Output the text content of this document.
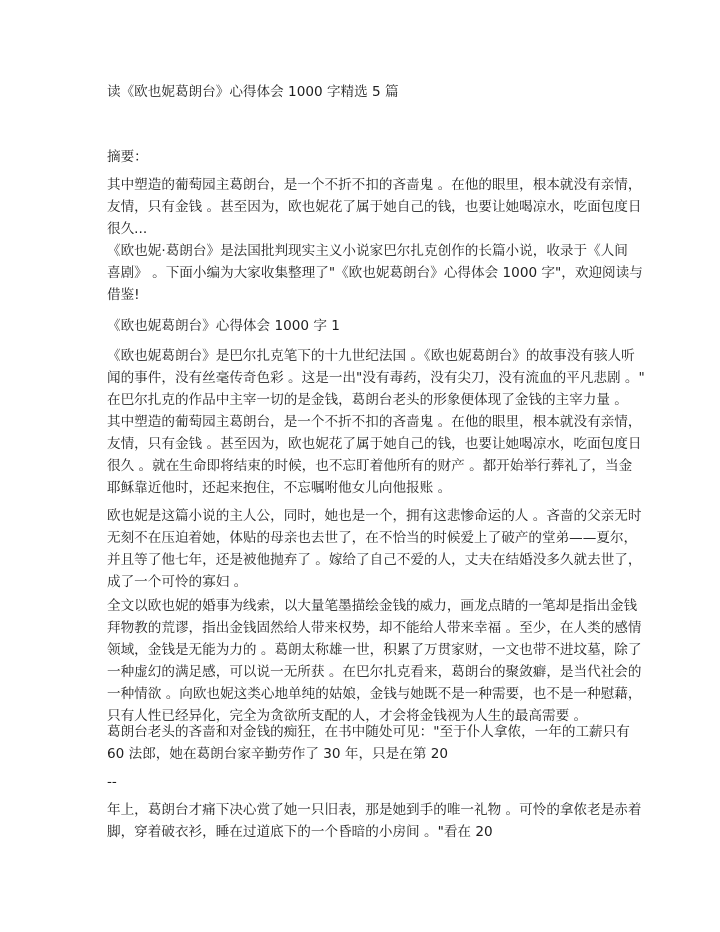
读《欧也妮葛朗台》心得体会 1000 字精选 5 篇
摘要：
其中塑造的葡萄园主葛朗台，是一个不折不扣的吝啬鬼 。在他的眼里，根本就没有亲情，
友情，只有金钱 。甚至因为，欧也妮花了属于她自己的钱，也要让她喝凉水，吃面包度日
很久...
《欧也妮·葛朗台》是法国批判现实主义小说家巴尔扎克创作的长篇小说，收录于《人间
喜剧》 。下面小编为大家收集整理了"《欧也妮葛朗台》心得体会 1000 字"，欢迎阅读与
借鉴!
《欧也妮葛朗台》心得体会 1000 字 1
《欧也妮葛朗台》是巴尔扎克笔下的十九世纪法国 。《欧也妮葛朗台》的故事没有骇人听
闻的事件，没有丝毫传奇色彩 。这是一出"没有毒药，没有尖刀，没有流血的平凡悲剧 。"
在巴尔扎克的作品中主宰一切的是金钱，葛朗台老头的形象便体现了金钱的主宰力量 。
其中塑造的葡萄园主葛朗台，是一个不折不扣的吝啬鬼 。在他的眼里，根本就没有亲情，
友情，只有金钱 。甚至因为，欧也妮花了属于她自己的钱，也要让她喝凉水，吃面包度日
很久 。就在生命即将结束的时候，也不忘盯着他所有的财产 。都开始举行葬礼了，当金
耶稣靠近他时，还起来抱住，不忘嘱咐他女儿向他报账 。
欧也妮是这篇小说的主人公，同时，她也是一个，拥有这悲惨命运的人 。吝啬的父亲无时
无刻不在压迫着她，体贴的母亲也去世了，在不恰当的时候爱上了破产的堂弟——夏尔，
并且等了他七年，还是被他抛弃了 。嫁给了自己不爱的人，丈夫在结婚没多久就去世了，
成了一个可怜的寡妇 。
全文以欧也妮的婚事为线索，以大量笔墨描绘金钱的威力，画龙点睛的一笔却是指出金钱
拜物教的荒谬，指出金钱固然给人带来权势，却不能给人带来幸福 。至少，在人类的感情
领域，金钱是无能为力的 。葛朗太称雄一世，积累了万贯家财，一文也带不进坟墓，除了
一种虚幻的满足感，可以说一无所获 。在巴尔扎克看来，葛朗台的聚敛癖，是当代社会的
一种情欲 。向欧也妮这类心地单纯的姑娘，金钱与她既不是一种需要，也不是一种慰藉，
只有人性已经异化，完全为贪欲所支配的人，才会将金钱视为人生的最高需要 。
葛朗台老头的吝啬和对金钱的痴狂，在书中随处可见："至于仆人拿侬，一年的工薪只有
60 法郎，她在葛朗台家辛勤劳作了 30 年，只是在第 20
--
年上，葛朗台才痛下决心赏了她一只旧表，那是她到手的唯一礼物 。可怜的拿侬老是赤着
脚，穿着破衣衫，睡在过道底下的一个昏暗的小房间 。"看在 20
